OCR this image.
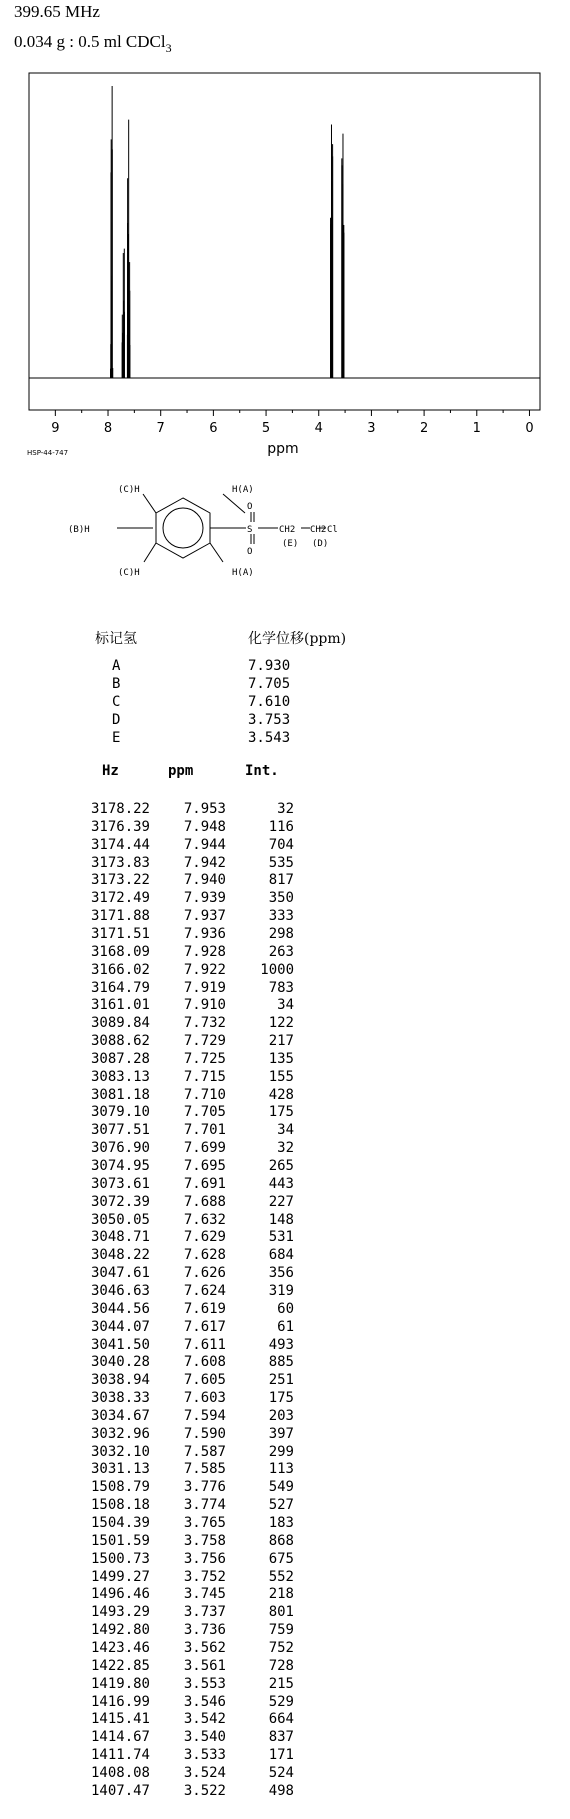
399.65 MHz
0.034 g : 0.5 ml CDCl$_3$
9	8	7	6	5	4	3	2	1	0
ppm
HSP-44-747
(C)H	H(A)
(B)H
(C)H	H(A)
S
O
O
CH2 CH2 Cl
(E) (D)
标记氢	化学位移(ppm)
A	7.930
B	7.705
C	7.610
D	3.753
E	3.543
Hz	ppm	Int.
3178.22	7.953	32
3176.39	7.948	116
3174.44	7.944	704
3173.83	7.942	535
3173.22	7.940	817
3172.49	7.939	350
3171.88	7.937	333
3171.51	7.936	298
3168.09	7.928	263
3166.02	7.922	1000
3164.79	7.919	783
3161.01	7.910	34
3089.84	7.732	122
3088.62	7.729	217
3087.28	7.725	135
3083.13	7.715	155
3081.18	7.710	428
3079.10	7.705	175
3077.51	7.701	34
3076.90	7.699	32
3074.95	7.695	265
3073.61	7.691	443
3072.39	7.688	227
3050.05	7.632	148
3048.71	7.629	531
3048.22	7.628	684
3047.61	7.626	356
3046.63	7.624	319
3044.56	7.619	60
3044.07	7.617	61
3041.50	7.611	493
3040.28	7.608	885
3038.94	7.605	251
3038.33	7.603	175
3034.67	7.594	203
3032.96	7.590	397
3032.10	7.587	299
3031.13	7.585	113
1508.79	3.776	549
1508.18	3.774	527
1504.39	3.765	183
1501.59	3.758	868
1500.73	3.756	675
1499.27	3.752	552
1496.46	3.745	218
1493.29	3.737	801
1492.80	3.736	759
1423.46	3.562	752
1422.85	3.561	728
1419.80	3.553	215
1416.99	3.546	529
1415.41	3.542	664
1414.67	3.540	837
1411.74	3.533	171
1408.08	3.524	524
1407.47	3.522	498
